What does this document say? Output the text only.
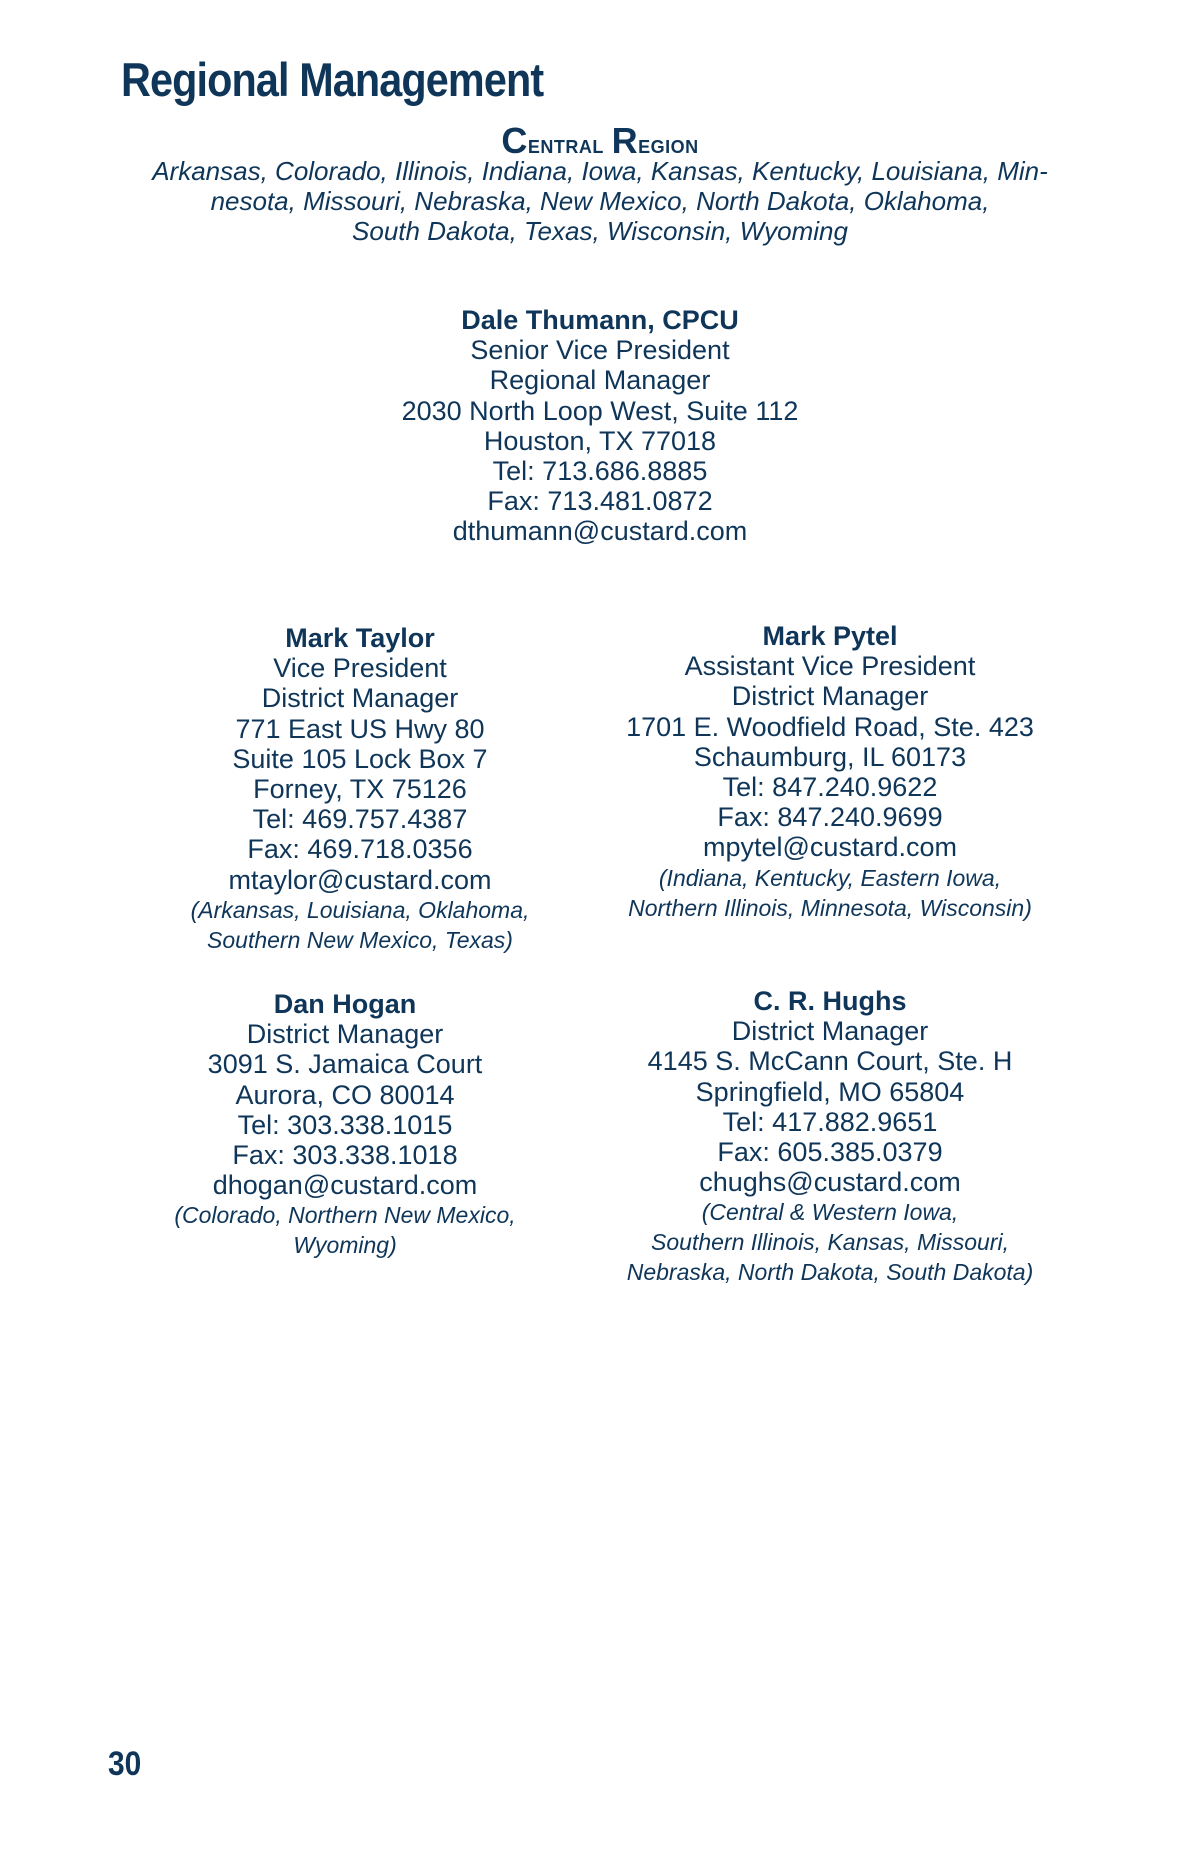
Regional Management
Central Region
Arkansas, Colorado, Illinois, Indiana, Iowa, Kansas, Kentucky, Louisiana, Min-
nesota, Missouri, Nebraska, New Mexico, North Dakota, Oklahoma,
South Dakota, Texas, Wisconsin, Wyoming
Dale Thumann, CPCU
Senior Vice President
Regional Manager
2030 North Loop West, Suite 112
Houston, TX 77018
Tel: 713.686.8885
Fax: 713.481.0872
dthumann@custard.com
Mark Taylor
Vice President
District Manager
771 East US Hwy 80
Suite 105 Lock Box 7
Forney, TX 75126
Tel: 469.757.4387
Fax: 469.718.0356
mtaylor@custard.com
(Arkansas, Louisiana, Oklahoma,
Southern New Mexico, Texas)
Mark Pytel
Assistant Vice President
District Manager
1701 E. Woodfield Road, Ste. 423
Schaumburg, IL 60173
Tel: 847.240.9622
Fax: 847.240.9699
mpytel@custard.com
(Indiana, Kentucky, Eastern Iowa,
Northern Illinois, Minnesota, Wisconsin)
Dan Hogan
District Manager
3091 S. Jamaica Court
Aurora, CO 80014
Tel: 303.338.1015
Fax: 303.338.1018
dhogan@custard.com
(Colorado, Northern New Mexico,
Wyoming)
C. R. Hughs
District Manager
4145 S. McCann Court, Ste. H
Springfield, MO 65804
Tel: 417.882.9651
Fax: 605.385.0379
chughs@custard.com
(Central & Western Iowa,
Southern Illinois, Kansas, Missouri,
Nebraska, North Dakota, South Dakota)
30
